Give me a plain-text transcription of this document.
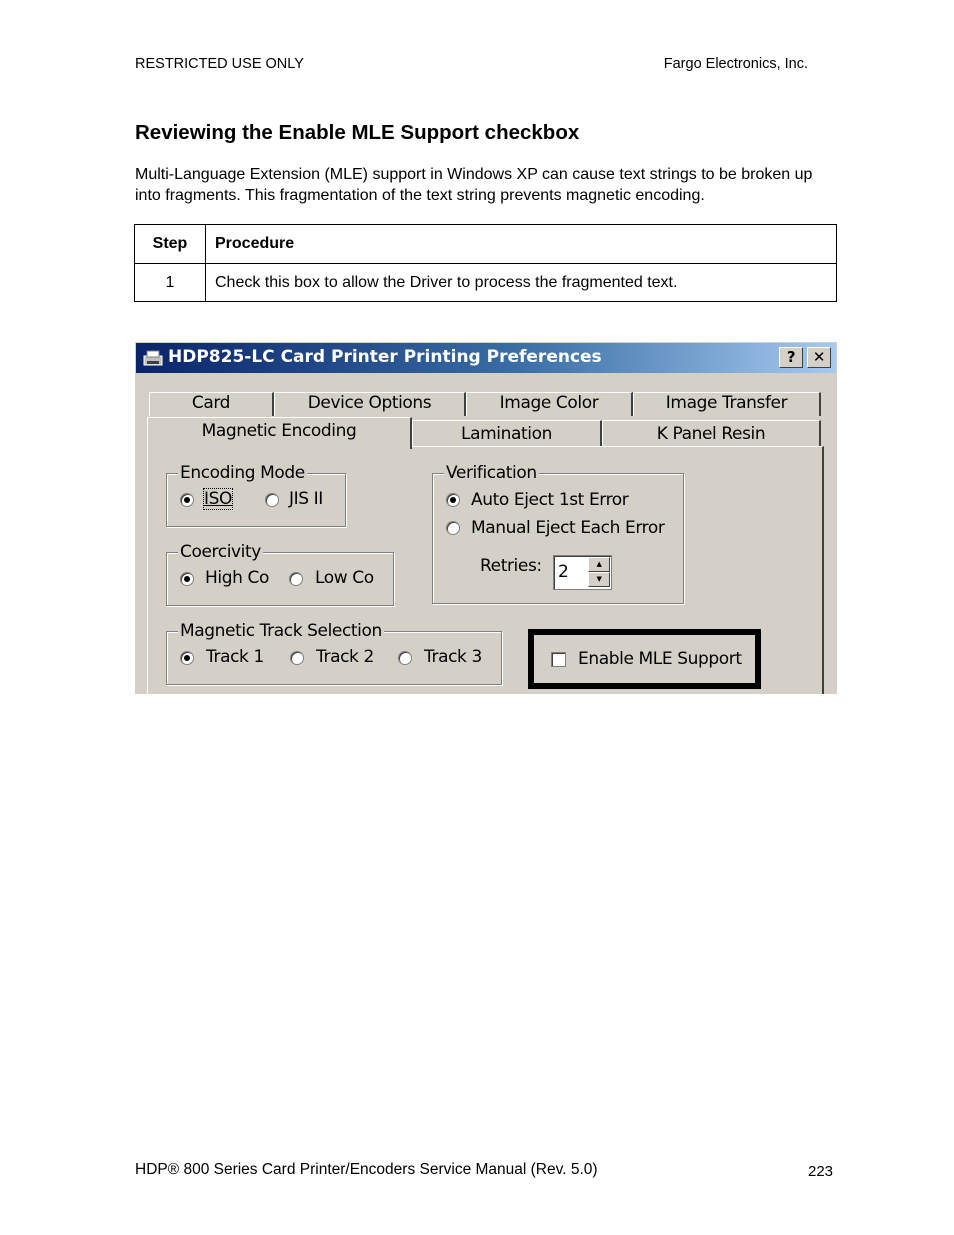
RESTRICTED USE ONLY	Fargo Electronics, Inc.
Reviewing the Enable MLE Support checkbox
Multi-Language Extension (MLE) support in Windows XP can cause text strings to be broken up into fragments. This fragmentation of the text string prevents magnetic encoding.
Step	Procedure
1	Check this box to allow the Driver to process the fragmented text.
HDP825-LC Card Printer Printing Preferences	?	✕
Card	Device Options	Image Color	Image Transfer
Magnetic Encoding	Lamination	K Panel Resin
Encoding Mode
ISO	JIS II
Coercivity
High Co	Low Co
Verification
Auto Eject 1st Error
Manual Eject Each Error
Retries: 2	▲
▼
Magnetic Track Selection
Track 1	Track 2	Track 3	Enable MLE Support
HDP® 800 Series Card Printer/Encoders Service Manual (Rev. 5.0)	223
